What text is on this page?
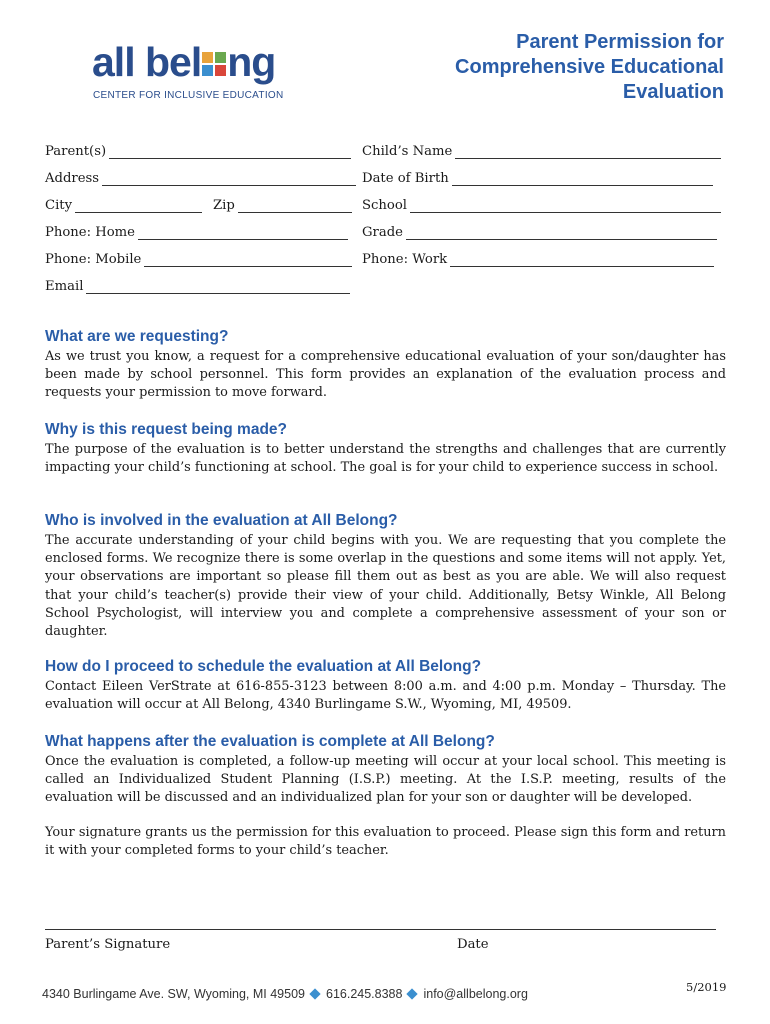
all bel ng
CENTER FOR INCLUSIVE EDUCATION
Parent Permission for
Comprehensive Educational
Evaluation
Parent(s)	Child’s Name
Address	Date of Birth
City	Zip	School
Phone: Home	Grade
Phone: Mobile	Phone: Work
Email
What are we requesting?

As we trust you know, a request for a comprehensive educational evaluation of your son/daughter has been made by school personnel. This form provides an explanation of the evaluation process and requests your permission to move forward.

Why is this request being made?

The purpose of the evaluation is to better understand the strengths and challenges that are currently impacting your child’s functioning at school. The goal is for your child to experience success in school.

Who is involved in the evaluation at All Belong?

The accurate understanding of your child begins with you. We are requesting that you complete the enclosed forms. We recognize there is some overlap in the questions and some items will not apply. Yet, your observations are important so please fill them out as best as you are able. We will also request that your child’s teacher(s) provide their view of your child. Additionally, Betsy Winkle, All Belong School Psychologist, will interview you and complete a comprehensive assessment of your son or daughter.

How do I proceed to schedule the evaluation at All Belong?

Contact Eileen VerStrate at 616-855-3123 between 8:00 a.m. and 4:00 p.m. Monday – Thursday. The evaluation will occur at All Belong, 4340 Burlingame S.W., Wyoming, MI, 49509.

What happens after the evaluation is complete at All Belong?

Once the evaluation is completed, a follow-up meeting will occur at your local school. This meeting is called an Individualized Student Planning (I.S.P.) meeting. At the I.S.P. meeting, results of the evaluation will be discussed and an individualized plan for your son or daughter will be developed.

Your signature grants us the permission for this evaluation to proceed. Please sign this form and return it with your completed forms to your child’s teacher.

Parent’s Signature	Date
4340 Burlingame Ave. SW, Wyoming, MI 49509 616.245.8388 info@allbelong.org	5/2019
